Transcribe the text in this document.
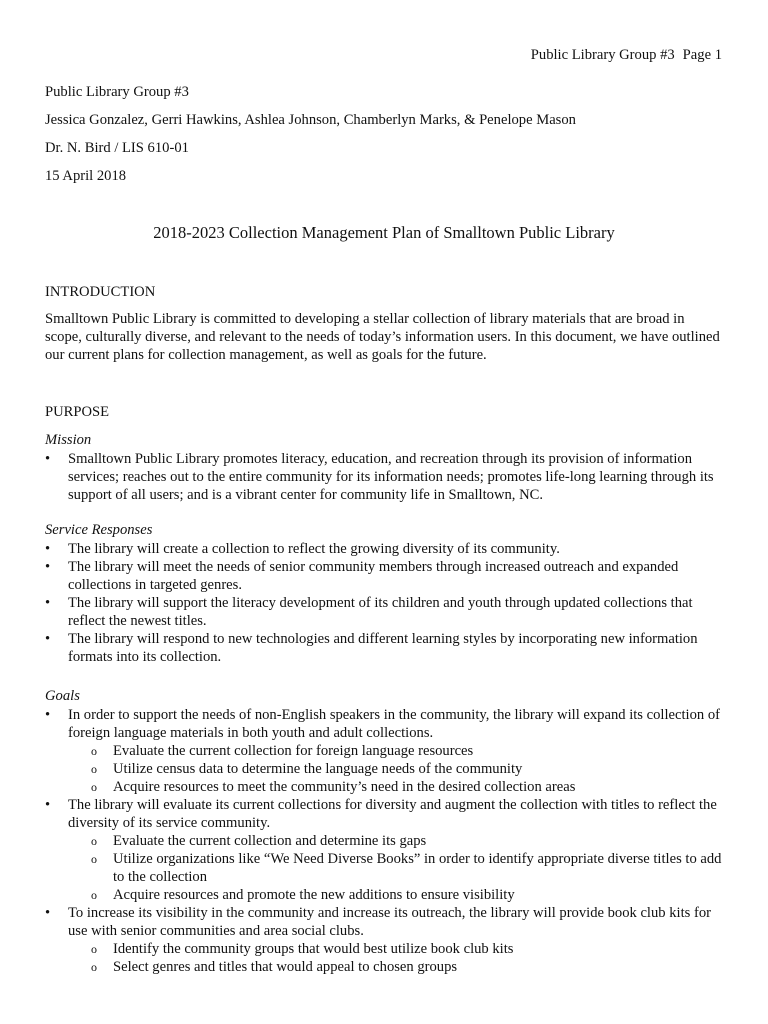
Public Library Group #3 Page 1
Public Library Group #3
Jessica Gonzalez, Gerri Hawkins, Ashlea Johnson, Chamberlyn Marks, & Penelope Mason
Dr. N. Bird / LIS 610-01
15 April 2018
2018-2023 Collection Management Plan of Smalltown Public Library
INTRODUCTION
Smalltown Public Library is committed to developing a stellar collection of library materials that are broad in scope, culturally diverse, and relevant to the needs of today’s information users. In this document, we have outlined our current plans for collection management, as well as goals for the future.
PURPOSE
Mission
• Smalltown Public Library promotes literacy, education, and recreation through its provision of information services; reaches out to the entire community for its information needs; promotes life-long learning through its support of all users; and is a vibrant center for community life in Smalltown, NC.
Service Responses
• The library will create a collection to reflect the growing diversity of its community.
• The library will meet the needs of senior community members through increased outreach and expanded collections in targeted genres.
• The library will support the literacy development of its children and youth through updated collections that reflect the newest titles.
• The library will respond to new technologies and different learning styles by incorporating new information formats into its collection.
Goals
• In order to support the needs of non-English speakers in the community, the library will expand its collection of foreign language materials in both youth and adult collections.
o Evaluate the current collection for foreign language resources
o Utilize census data to determine the language needs of the community
o Acquire resources to meet the community’s need in the desired collection areas
• The library will evaluate its current collections for diversity and augment the collection with titles to reflect the diversity of its service community.
o Evaluate the current collection and determine its gaps
o Utilize organizations like “We Need Diverse Books” in order to identify appropriate diverse titles to add to the collection
o Acquire resources and promote the new additions to ensure visibility
• To increase its visibility in the community and increase its outreach, the library will provide book club kits for use with senior communities and area social clubs.
o Identify the community groups that would best utilize book club kits
o Select genres and titles that would appeal to chosen groups
